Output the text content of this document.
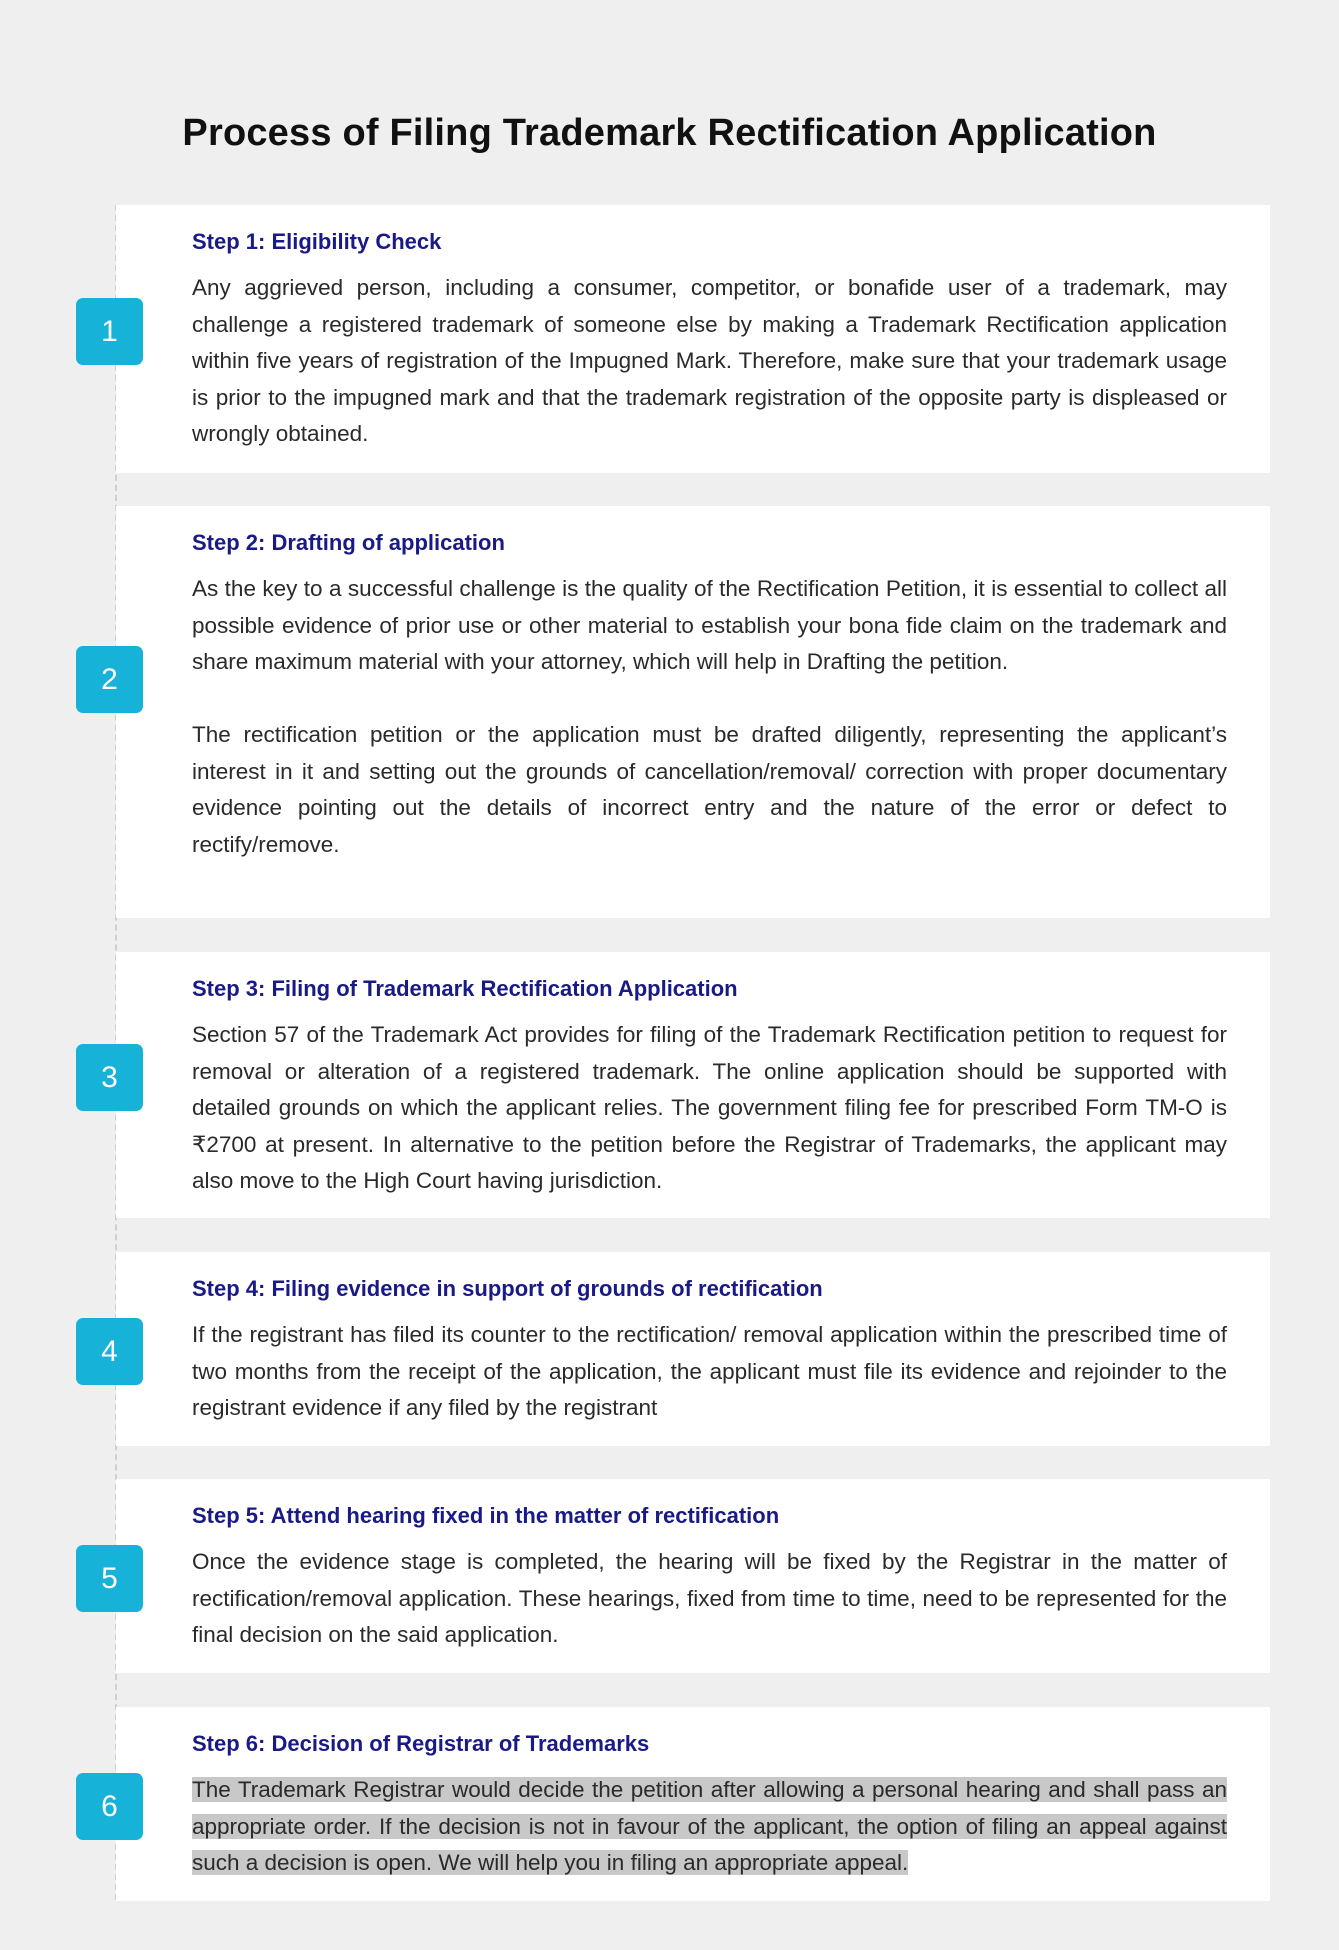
Process of Filing Trademark Rectification Application
Step 1: Eligibility Check

Any aggrieved person, including a consumer, competitor, or bonafide user of a trademark, may challenge a registered trademark of someone else by making a Trademark Rectification application within five years of registration of the Impugned Mark. Therefore, make sure that your trademark usage is prior to the impugned mark and that the trademark registration of the opposite party is displeased or wrongly obtained.

1
Step 2: Drafting of application

As the key to a successful challenge is the quality of the Rectification Petition, it is essential to collect all possible evidence of prior use or other material to establish your bona fide claim on the trademark and share maximum material with your attorney, which will help in Drafting the petition.

The rectification petition or the application must be drafted diligently, representing the applicant’s interest in it and setting out the grounds of cancellation/removal/ correction with proper documentary evidence pointing out the details of incorrect entry and the nature of the error or defect to rectify/remove.

2
Step 3: Filing of Trademark Rectification Application

Section 57 of the Trademark Act provides for filing of the Trademark Rectification petition to request for removal or alteration of a registered trademark. The online application should be supported with detailed grounds on which the applicant relies. The government filing fee for prescribed Form TM-O is ₹2700 at present. In alternative to the petition before the Registrar of Trademarks, the applicant may also move to the High Court having jurisdiction.

3
Step 4: Filing evidence in support of grounds of rectification

If the registrant has filed its counter to the rectification/ removal application within the prescribed time of two months from the receipt of the application, the applicant must file its evidence and rejoinder to the registrant evidence if any filed by the registrant

4
Step 5: Attend hearing fixed in the matter of rectification

Once the evidence stage is completed, the hearing will be fixed by the Registrar in the matter of rectification/removal application. These hearings, fixed from time to time, need to be represented for the final decision on the said application.

5
Step 6: Decision of Registrar of Trademarks

The Trademark Registrar would decide the petition after allowing a personal hearing and shall pass an appropriate order. If the decision is not in favour of the applicant, the option of filing an appeal against such a decision is open. We will help you in filing an appropriate appeal.

6
